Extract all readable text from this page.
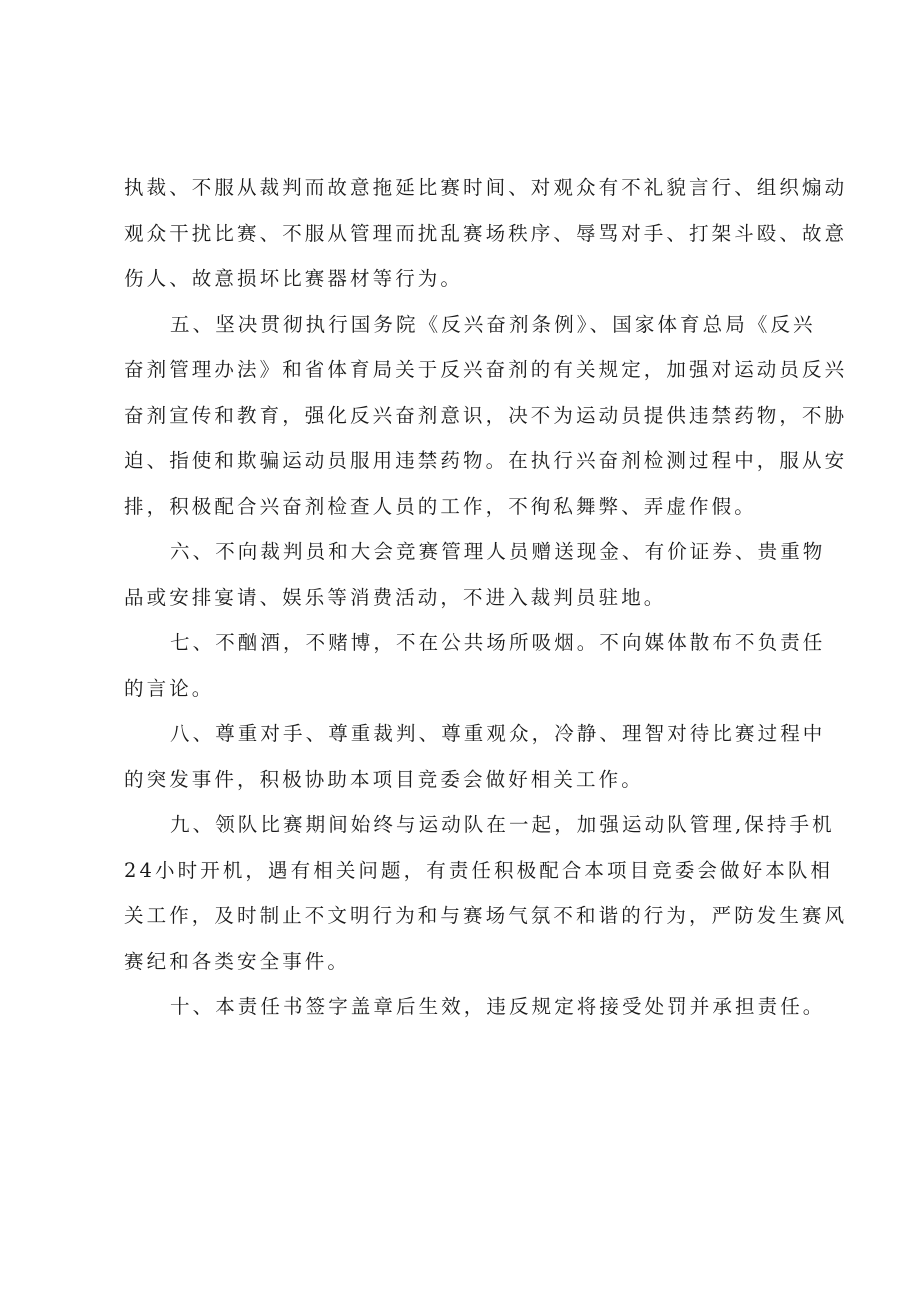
执裁、不服从裁判而故意拖延比赛时间、对观众有不礼貌言行、组织煽动
观众干扰比赛、不服从管理而扰乱赛场秩序、辱骂对手、打架斗殴、故意
伤人、故意损坏比赛器材等行为。

五、坚决贯彻执行国务院《反兴奋剂条例》、国家体育总局《反兴
奋剂管理办法》和省体育局关于反兴奋剂的有关规定，加强对运动员反兴
奋剂宣传和教育，强化反兴奋剂意识，决不为运动员提供违禁药物，不胁
迫、指使和欺骗运动员服用违禁药物。在执行兴奋剂检测过程中，服从安
排，积极配合兴奋剂检查人员的工作，不徇私舞弊、弄虚作假。

六、不向裁判员和大会竞赛管理人员赠送现金、有价证券、贵重物
品或安排宴请、娱乐等消费活动，不进入裁判员驻地。

七、不酗酒，不赌博，不在公共场所吸烟。不向媒体散布不负责任
的言论。

八、尊重对手、尊重裁判、尊重观众，冷静、理智对待比赛过程中
的突发事件，积极协助本项目竞委会做好相关工作。

九、领队比赛期间始终与运动队在一起，加强运动队管理,保持手机
24小时开机，遇有相关问题，有责任积极配合本项目竞委会做好本队相
关工作，及时制止不文明行为和与赛场气氛不和谐的行为，严防发生赛风
赛纪和各类安全事件。

十、本责任书签字盖章后生效，违反规定将接受处罚并承担责任。
